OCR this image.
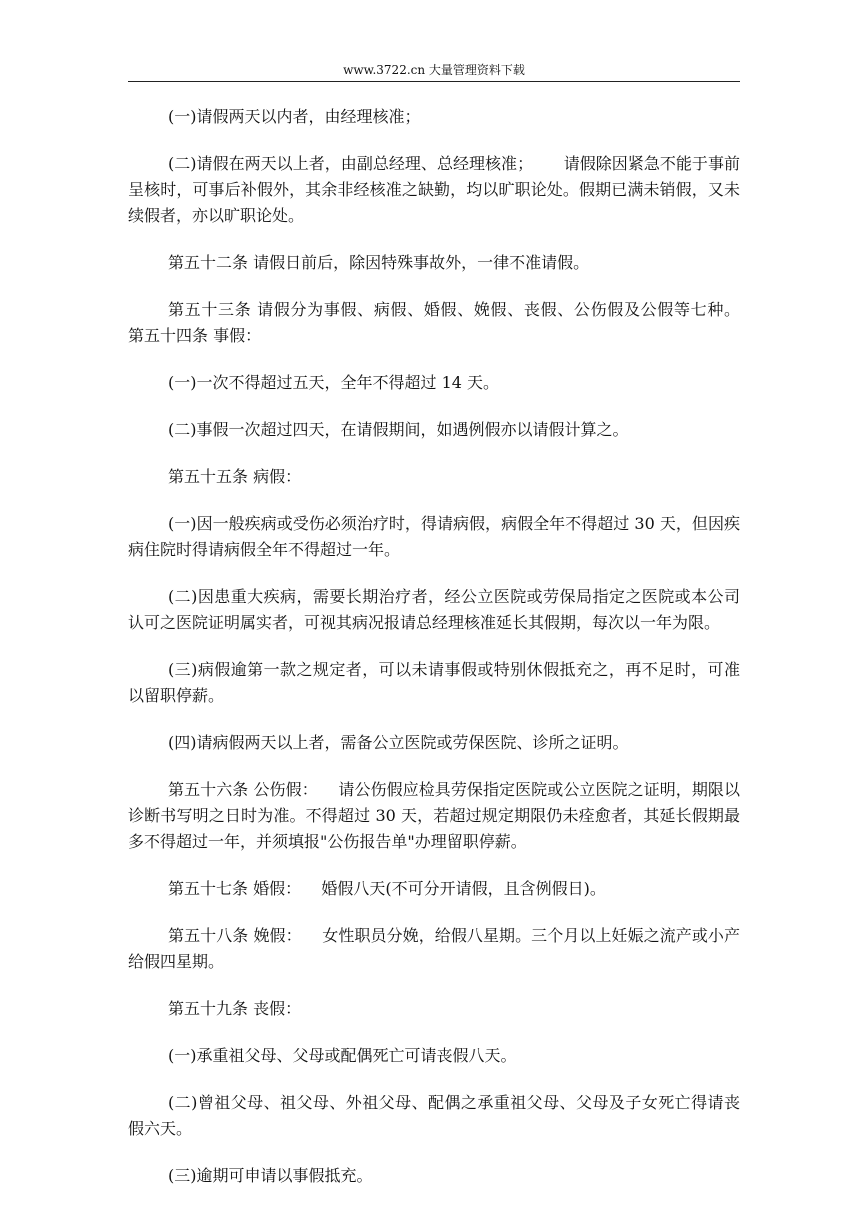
www.3722.cn 大量管理资料下载

(一)请假两天以内者，由经理核准；

(二)请假在两天以上者，由副总经理、总经理核准；      请假除因紧急不能于事前呈核时，可事后补假外，其余非经核准之缺勤，均以旷职论处。假期已满未销假，又未续假者，亦以旷职论处。

第五十二条 请假日前后，除因特殊事故外，一律不准请假。

第五十三条 请假分为事假、病假、婚假、娩假、丧假、公伤假及公假等七种。    第五十四条 事假：

(一)一次不得超过五天，全年不得超过 14 天。

(二)事假一次超过四天，在请假期间，如遇例假亦以请假计算之。

第五十五条 病假：

(一)因一般疾病或受伤必须治疗时，得请病假，病假全年不得超过 30 天，但因疾病住院时得请病假全年不得超过一年。

(二)因患重大疾病，需要长期治疗者，经公立医院或劳保局指定之医院或本公司认可之医院证明属实者，可视其病况报请总经理核准延长其假期，每次以一年为限。

(三)病假逾第一款之规定者，可以未请事假或特别休假抵充之，再不足时，可准以留职停薪。

(四)请病假两天以上者，需备公立医院或劳保医院、诊所之证明。

第五十六条 公伤假：    请公伤假应检具劳保指定医院或公立医院之证明，期限以诊断书写明之日时为准。不得超过 30 天，若超过规定期限仍未痊愈者，其延长假期最多不得超过一年，并须填报"公伤报告单"办理留职停薪。

第五十七条 婚假：    婚假八天(不可分开请假，且含例假日)。

第五十八条 娩假：    女性职员分娩，给假八星期。三个月以上妊娠之流产或小产给假四星期。

第五十九条 丧假：

(一)承重祖父母、父母或配偶死亡可请丧假八天。

(二)曾祖父母、祖父母、外祖父母、配偶之承重祖父母、父母及子女死亡得请丧假六天。

(三)逾期可申请以事假抵充。
